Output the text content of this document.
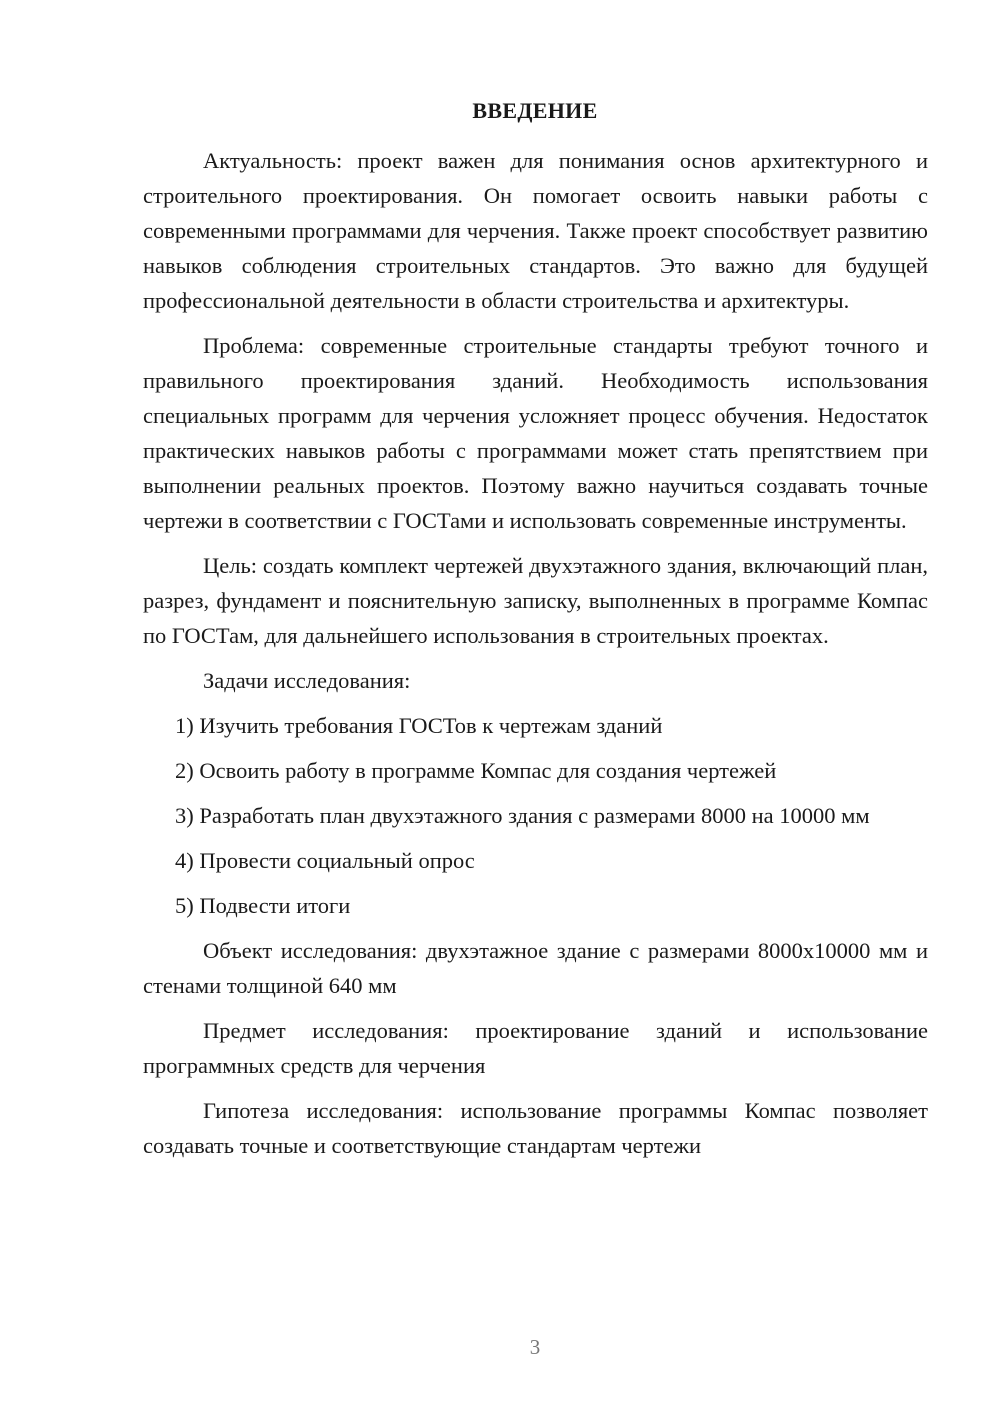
ВВЕДЕНИЕ

Актуальность: проект важен для понимания основ архитектурного и строительного проектирования. Он помогает освоить навыки работы с современными программами для черчения. Также проект способствует развитию навыков соблюдения строительных стандартов. Это важно для будущей профессиональной деятельности в области строительства и архитектуры.

Проблема: современные строительные стандарты требуют точного и правильного проектирования зданий. Необходимость использования специальных программ для черчения усложняет процесс обучения. Недостаток практических навыков работы с программами может стать препятствием при выполнении реальных проектов. Поэтому важно научиться создавать точные чертежи в соответствии с ГОСТами и использовать современные инструменты.

Цель: создать комплект чертежей двухэтажного здания, включающий план, разрез, фундамент и пояснительную записку, выполненных в программе Компас по ГОСТам, для дальнейшего использования в строительных проектах.

Задачи исследования:

1) Изучить требования ГОСТов к чертежам зданий

2) Освоить работу в программе Компас для создания чертежей

3) Разработать план двухэтажного здания с размерами 8000 на 10000 мм

4) Провести социальный опрос

5) Подвести итоги

Объект исследования: двухэтажное здание с размерами 8000х10000 мм и стенами толщиной 640 мм

Предмет исследования: проектирование зданий и использование программных средств для черчения

Гипотеза исследования: использование программы Компас позволяет создавать точные и соответствующие стандартам чертежи

3
